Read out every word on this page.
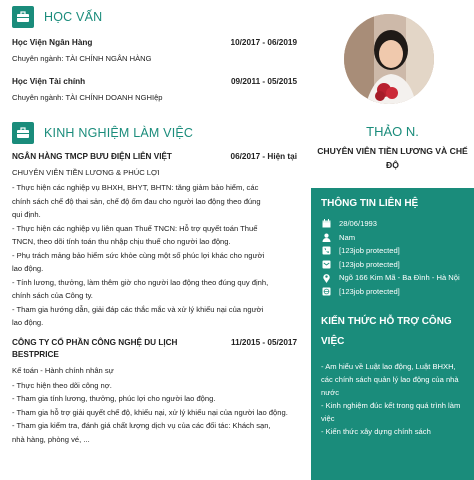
HỌC VẤN
Học Viện Ngân Hàng	10/2017 - 06/2019
Chuyên ngành: TÀI CHÍNH NGÂN HÀNG
Học Viện Tài chính	09/2011 - 05/2015
Chuyên ngành: TÀI CHÍNH DOANH NGHIệp
KINH NGHIỆM LÀM VIỆC
NGÂN HÀNG TMCP BƯU ĐIỆN LIÊN VIỆT	06/2017 - Hiện tại
CHUYÊN VIÊN TIỀN LƯƠNG & PHÚC LỢI
- Thực hiện các nghiệp vụ BHXH, BHYT, BHTN: tăng giảm bảo hiểm, các
chính sách chế độ thai sản, chế độ ốm đau cho người lao động theo đúng
qui định.
- Thực hiện các nghiệp vụ liên quan Thuế TNCN: Hỗ trợ quyết toán Thuế
TNCN, theo dõi tính toán thu nhập chịu thuế cho người lao động.
- Phụ trách mảng bảo hiểm sức khỏe cùng một số phúc lợi khác cho người
lao động.
- Tính lương, thưởng, làm thêm giờ cho người lao động theo đúng quy định,
chính sách của Công ty.
- Tham gia hướng dẫn, giải đáp các thắc mắc và xử lý khiếu nại của người
lao động.
CÔNG TY CỔ PHẦN CÔNG NGHỆ DU LỊCH	11/2015 - 05/2017
BESTPRICE
Kế toán - Hành chính nhân sự
- Thực hiện theo dõi công nợ.
- Tham gia tính lương, thưởng, phúc lợi cho người lao động.
- Tham gia hỗ trợ giải quyết chế độ, khiếu nại, xử lý khiếu nại của người lao động.
- Tham gia kiểm tra, đánh giá chất lượng dịch vụ của các đối tác: Khách sạn,
nhà hàng, phòng vé, ...
THẢO N.
CHUYÊN VIÊN TIỀN LƯƠNG VÀ CHẾ ĐỘ
THÔNG TIN LIÊN HỆ
28/06/1993
Nam
[123job protected]
[123job protected]
Ngõ 166 Kim Mã - Ba Đình - Hà Nội
[123job protected]
KIẾN THỨC HỖ TRỢ CÔNG VIỆC
- Am hiểu về Luật lao động, Luật BHXH, các chính sách quản lý lao động của nhà nước
- Kinh nghiệm đúc kết trong quá trình làm việc
- Kiến thức xây dựng chính sách
